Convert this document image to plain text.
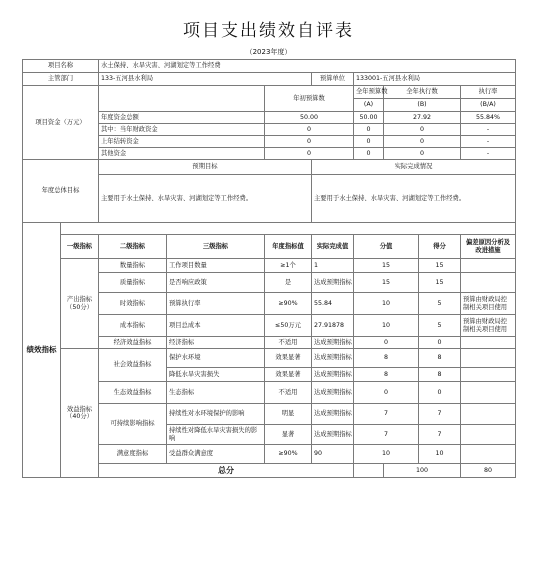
项目支出绩效自评表
（2023年度）
项目名称		水土保持、水旱灾害、河湖划定等工作经费								
主管部门		133-五河县水利局			预算单位	133001-五河县水利局				
项目资金（万元）				年初预算数		全年预算数	全年执行数		执行率	
						(A)	(B)		(B/A)	
		年度资金总额		50.00		50.00	27.92		55.84%	
		其中：当年财政资金		0		0	0		-	
		上年结转资金		0		0	0		-	
		其他资金		0		0	0		-	
年度总体目标		预期目标			实际完成情况					
		主要用于水土保持、水旱灾害、河湖划定等工作经费。			主要用于水土保持、水旱灾害、河湖划定等工作经费。					
绩效指标										
	一级指标	二级指标	三级指标	年度指标值	实际完成值	分值		得分	偏差原因分析及改进措施	
	产出指标（50分）	数量指标	工作项目数量	≥1个	1	15		15		
		质量指标	是否响应政策	是	达成预期指标	15		15		
		时效指标	预算执行率	≥90%	55.84	10		5	预算由财政局控制相关项目使用	
		成本指标	项目总成本	≤50万元	27.91878	10		5	预算由财政局控制相关项目使用	
		经济效益指标	经济指标	不适用	达成预期指标	0		0		
	效益指标（40分）	社会效益指标	保护水环境	效果显著	达成预期指标	8		8		
			降低水旱灾害损失	效果显著	达成预期指标	8		8		
		生态效益指标	生态指标	不适用	达成预期指标	0		0		
		可持续影响指标	持续性对水环境保护的影响	明显	达成预期指标	7		7		
			持续性对降低水旱灾害损失的影响	显著	达成预期指标	7		7		
		满意度指标	受益群众满意度	≥90%	90	10		10		
		总分					100		80	
